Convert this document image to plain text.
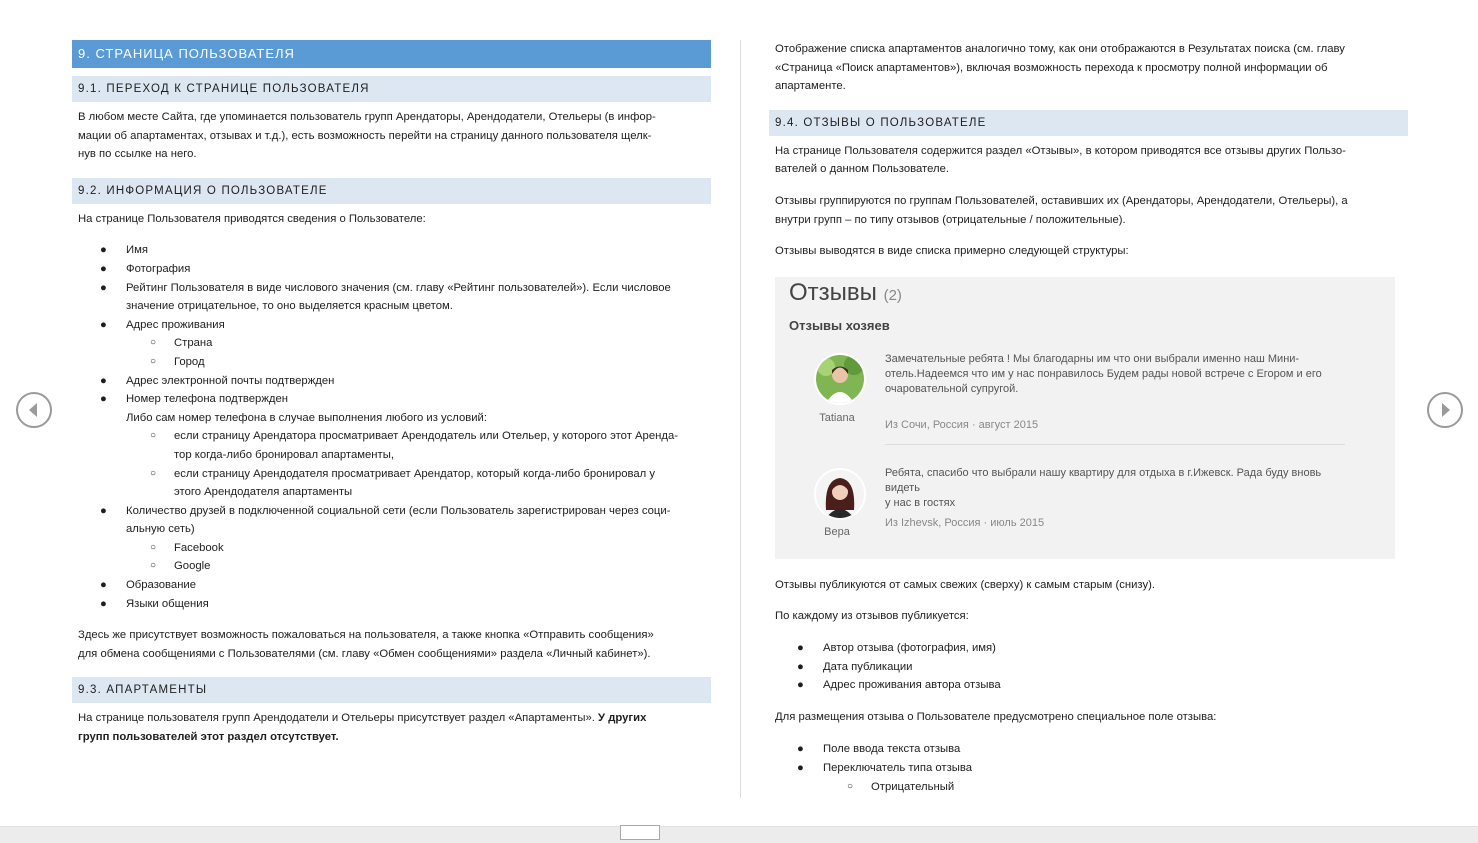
9. СТРАНИЦА ПОЛЬЗОВАТЕЛЯ
9.1. ПЕРЕХОД К СТРАНИЦЕ ПОЛЬЗОВАТЕЛЯ

В любом месте Сайта, где упоминается пользователь групп Арендаторы, Арендодатели, Отельеры (в инфор-
мации об апартаментах, отзывах и т.д.), есть возможность перейти на страницу данного пользователя щелк-
нув по ссылке на него.

9.2. ИНФОРМАЦИЯ О ПОЛЬЗОВАТЕЛЕ

На странице Пользователя приводятся сведения о Пользователе:

● Имя
● Фотография
● Рейтинг Пользователя в виде числового значения (см. главу «Рейтинг пользователей»). Если числовое
значение отрицательное, то оно выделяется красным цветом.
● Адрес проживания
○ Страна
○ Город
● Адрес электронной почты подтвержден
● Номер телефона подтвержден
Либо сам номер телефона в случае выполнения любого из условий:
○ если страницу Арендатора просматривает Арендодатель или Отельер, у которого этот Аренда-
тор когда-либо бронировал апартаменты,
○ если страницу Арендодателя просматривает Арендатор, который когда-либо бронировал у
этого Арендодателя апартаменты
● Количество друзей в подключенной социальной сети (если Пользователь зарегистрирован через соци-
альную сеть)
○ Facebook
○ Google
● Образование
● Языки общения

Здесь же присутствует возможность пожаловаться на пользователя, а также кнопка «Отправить сообщения»
для обмена сообщениями с Пользователями (см. главу «Обмен сообщениями» раздела «Личный кабинет»).

9.3. АПАРТАМЕНТЫ

На странице пользователя групп Арендодатели и Отельеры присутствует раздел «Апартаменты». У других
групп пользователей этот раздел отсутствует.

Отображение списка апартаментов аналогично тому, как они отображаются в Результатах поиска (см. главу
«Страница «Поиск апартаментов»), включая возможность перехода к просмотру полной информации об
апартаменте.

9.4. ОТЗЫВЫ О ПОЛЬЗОВАТЕЛЕ

На странице Пользователя содержится раздел «Отзывы», в котором приводятся все отзывы других Пользо-
вателей о данном Пользователе.

Отзывы группируются по группам Пользователей, оставивших их (Арендаторы, Арендодатели, Отельеры), а
внутри групп – по типу отзывов (отрицательные / положительные).

Отзывы выводятся в виде списка примерно следующей структуры:

Отзывы публикуются от самых свежих (сверху) к самым старым (снизу).

По каждому из отзывов публикуется:

● Автор отзыва (фотография, имя)
● Дата публикации
● Адрес проживания автора отзыва

Для размещения отзыва о Пользователе предусмотрено специальное поле отзыва:

● Поле ввода текста отзыва
● Переключатель типа отзыва
○ Отрицательный
Отзывы (2)
Отзывы хозяев
Tatiana
Замечательные ребята ! Мы благодарны им что они выбрали именно наш Мини-
отель.Надеемся что им у нас понравилось Будем рады новой встрече с Егором и его
очаровательной супругой.
Из Сочи, Россия · август 2015
Вера
Ребята, спасибо что выбрали нашу квартиру для отдыха в г.Ижевск. Рада буду вновь видеть
у нас в гостях
Из Izhevsk, Россия · июль 2015
